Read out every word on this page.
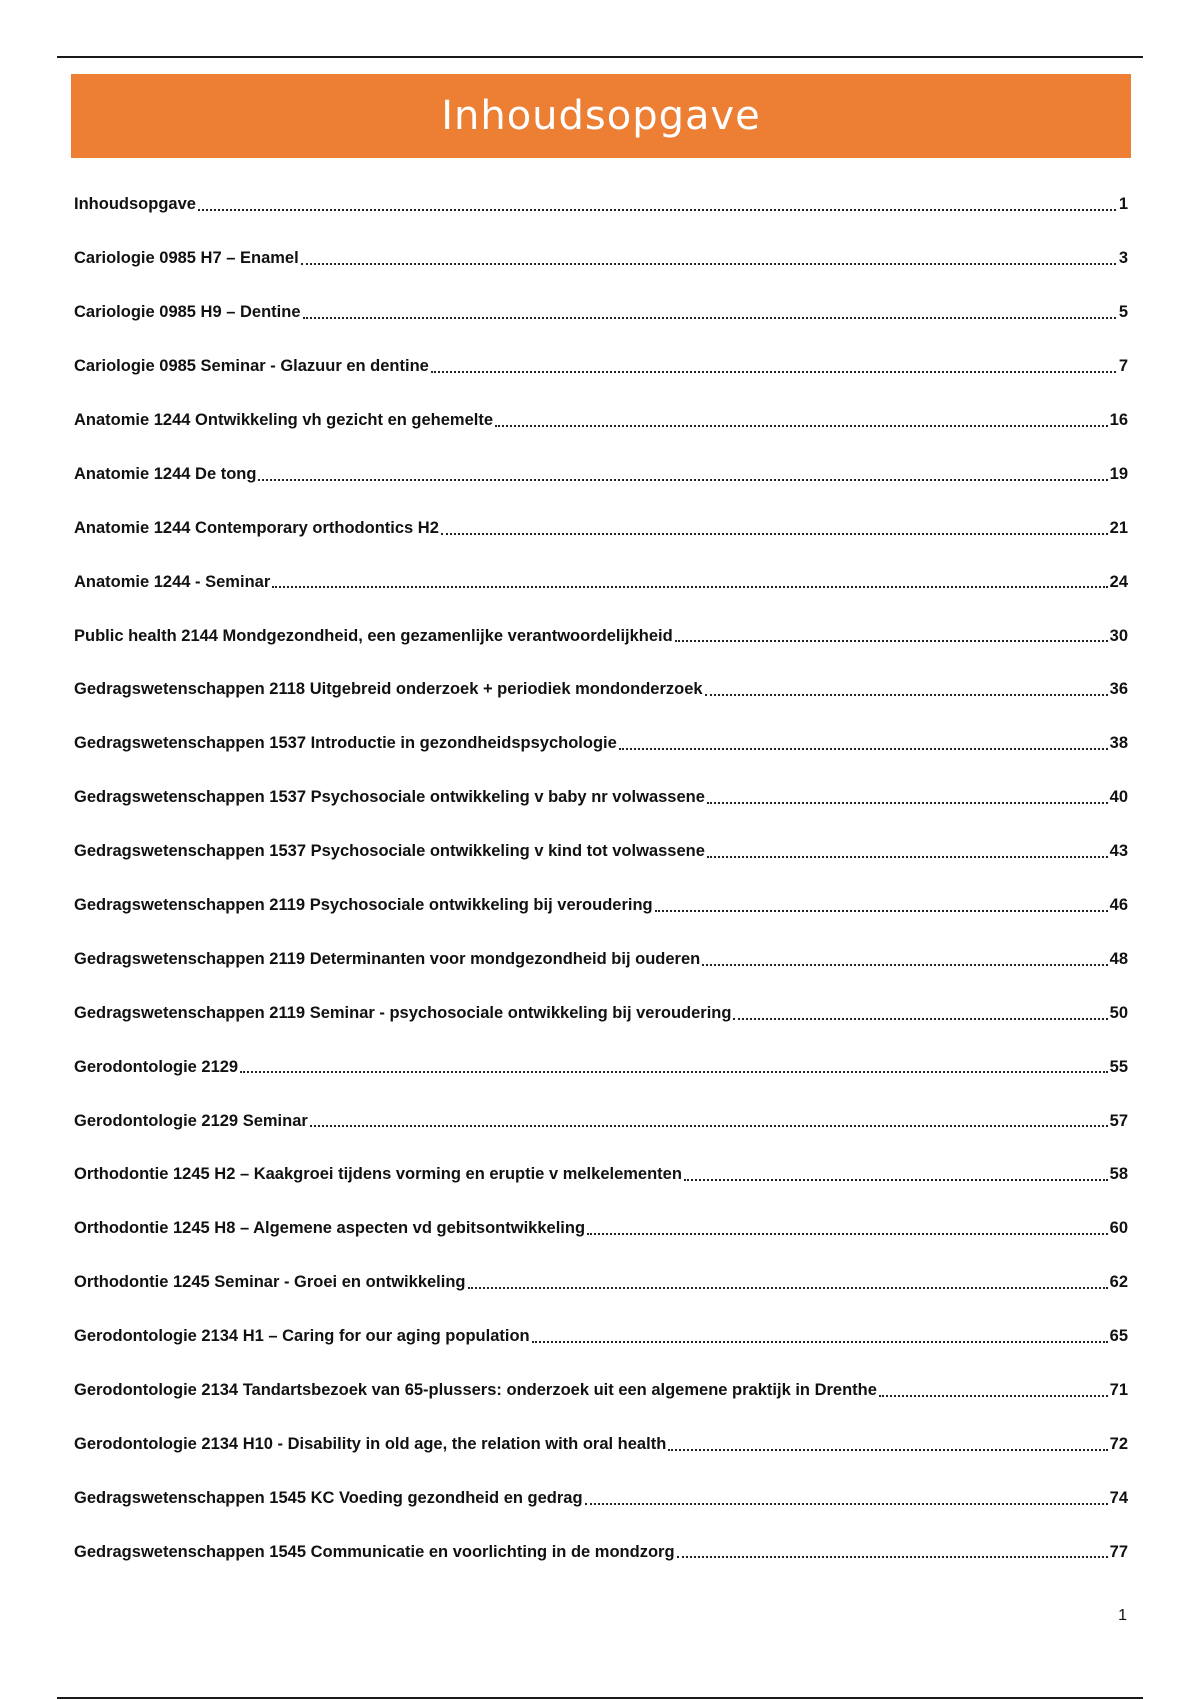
Inhoudsopgave
Inhoudsopgave	1
Cariologie 0985 H7 – Enamel	3
Cariologie 0985 H9 – Dentine	5
Cariologie 0985 Seminar - Glazuur en dentine	7
Anatomie 1244 Ontwikkeling vh gezicht en gehemelte	16
Anatomie 1244 De tong	19
Anatomie 1244 Contemporary orthodontics H2	21
Anatomie 1244 - Seminar	24
Public health 2144 Mondgezondheid, een gezamenlijke verantwoordelijkheid	30
Gedragswetenschappen 2118 Uitgebreid onderzoek + periodiek mondonderzoek	36
Gedragswetenschappen 1537 Introductie in gezondheidspsychologie	38
Gedragswetenschappen 1537 Psychosociale ontwikkeling v baby nr volwassene	40
Gedragswetenschappen 1537 Psychosociale ontwikkeling v kind tot volwassene	43
Gedragswetenschappen 2119 Psychosociale ontwikkeling bij veroudering	46
Gedragswetenschappen 2119 Determinanten voor mondgezondheid bij ouderen	48
Gedragswetenschappen 2119 Seminar - psychosociale ontwikkeling bij veroudering	50
Gerodontologie 2129	55
Gerodontologie 2129 Seminar	57
Orthodontie 1245 H2 – Kaakgroei tijdens vorming en eruptie v melkelementen	58
Orthodontie 1245 H8 – Algemene aspecten vd gebitsontwikkeling	60
Orthodontie 1245 Seminar - Groei en ontwikkeling	62
Gerodontologie 2134 H1 – Caring for our aging population	65
Gerodontologie 2134 Tandartsbezoek van 65-plussers: onderzoek uit een algemene praktijk in Drenthe	71
Gerodontologie 2134 H10 - Disability in old age, the relation with oral health	72
Gedragswetenschappen 1545 KC Voeding gezondheid en gedrag	74
Gedragswetenschappen 1545 Communicatie en voorlichting in de mondzorg	77
1
